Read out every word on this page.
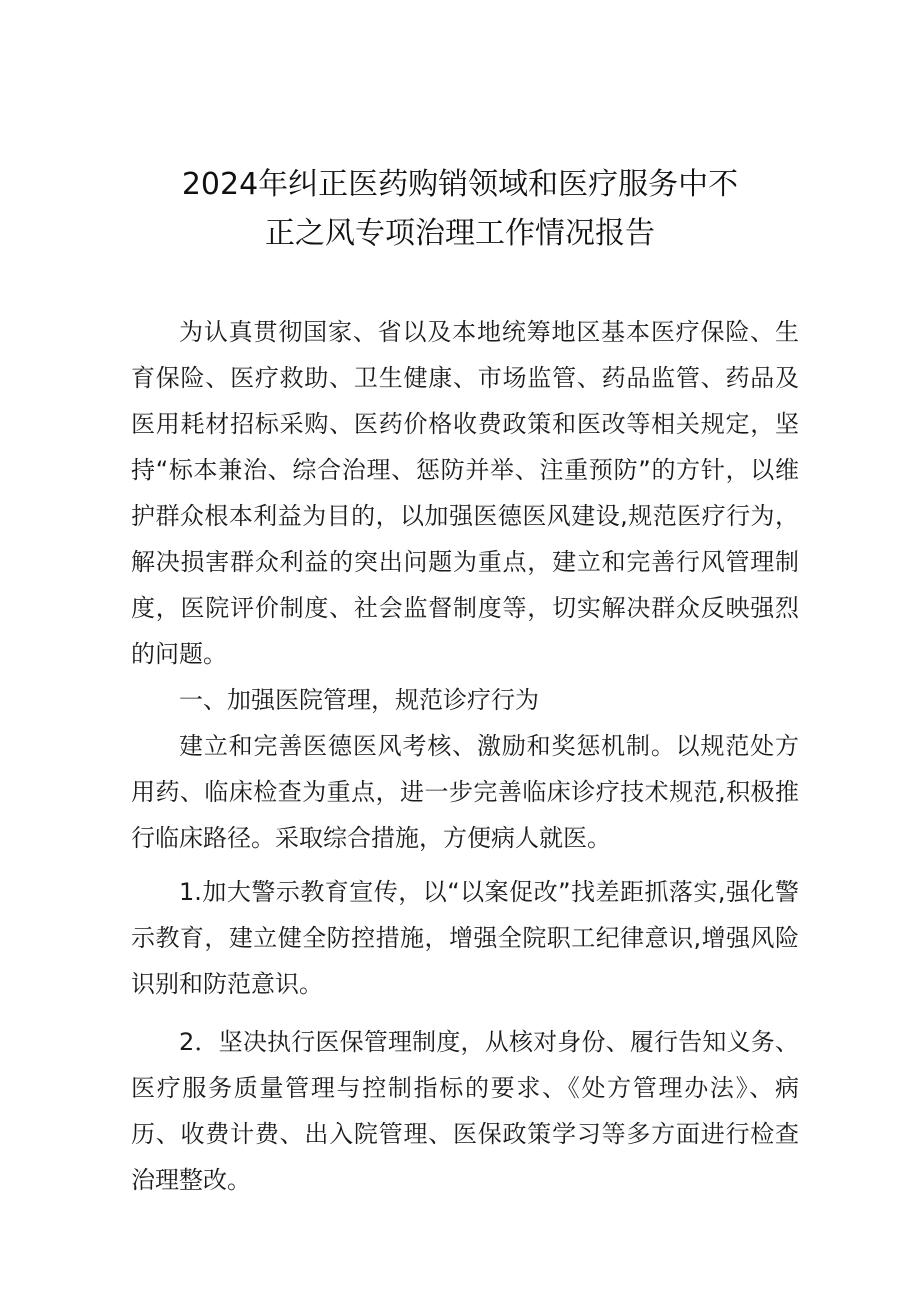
2024年纠正医药购销领域和医疗服务中不
正之风专项治理工作情况报告

为认真贯彻国家、省以及本地统筹地区基本医疗保险、生育保险、医疗救助、卫生健康、市场监管、药品监管、药品及医用耗材招标采购、医药价格收费政策和医改等相关规定，坚持“标本兼治、综合治理、惩防并举、注重预防”的方针，以维护群众根本利益为目的，以加强医德医风建设,规范医疗行为，解决损害群众利益的突出问题为重点，建立和完善行风管理制度，医院评价制度、社会监督制度等，切实解决群众反映强烈的问题。

一、加强医院管理，规范诊疗行为

建立和完善医德医风考核、激励和奖惩机制。以规范处方用药、临床检查为重点，进一步完善临床诊疗技术规范,积极推行临床路径。采取综合措施，方便病人就医。

1.加大警示教育宣传，以“以案促改”找差距抓落实,强化警示教育，建立健全防控措施，增强全院职工纪律意识,增强风险识别和防范意识。

2．坚决执行医保管理制度，从核对身份、履行告知义务、医疗服务质量管理与控制指标的要求、《处方管理办法》、病历、收费计费、出入院管理、医保政策学习等多方面进行检查治理整改。
